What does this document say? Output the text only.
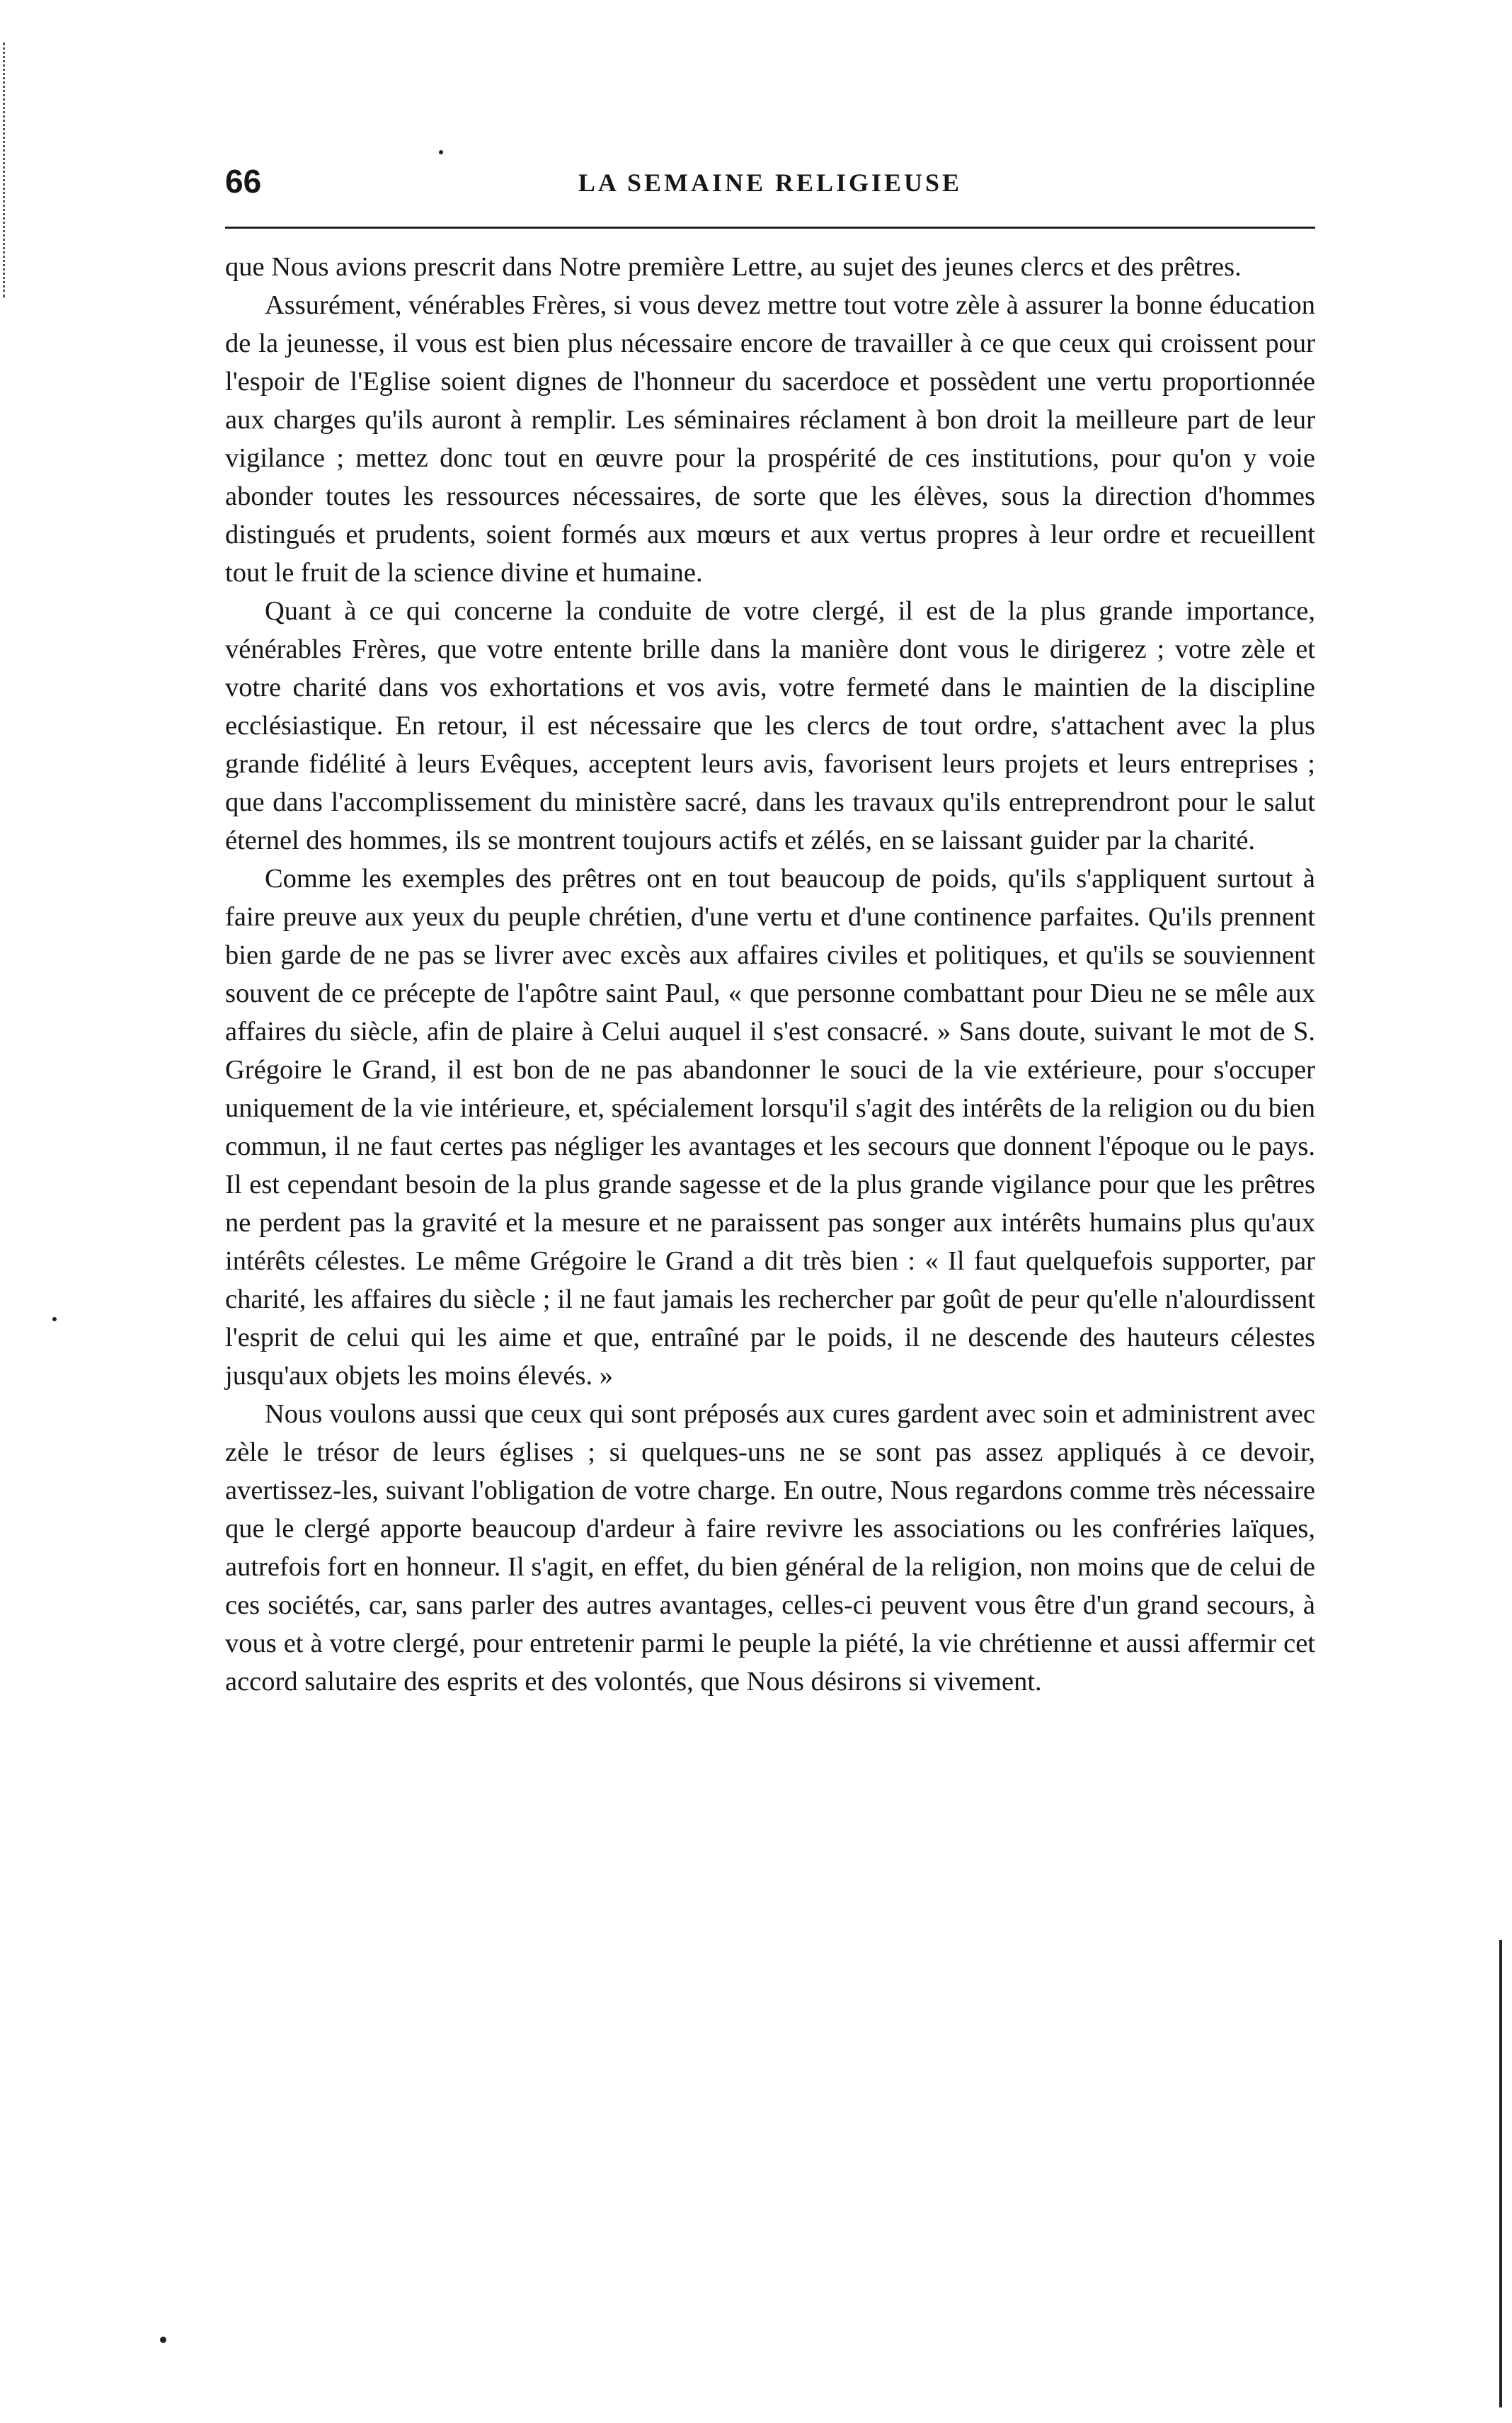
66	LA SEMAINE RELIGIEUSE

que Nous avions prescrit dans Notre première Lettre, au sujet des jeunes clercs et des prêtres.

Assurément, vénérables Frères, si vous devez mettre tout votre zèle à assurer la bonne éducation de la jeunesse, il vous est bien plus nécessaire encore de travailler à ce que ceux qui croissent pour l'espoir de l'Eglise soient dignes de l'honneur du sacerdoce et possèdent une vertu proportionnée aux charges qu'ils auront à remplir. Les séminaires réclament à bon droit la meilleure part de leur vigilance ; mettez donc tout en œuvre pour la prospérité de ces institutions, pour qu'on y voie abonder toutes les ressources nécessaires, de sorte que les élèves, sous la direction d'hommes distingués et prudents, soient formés aux mœurs et aux vertus propres à leur ordre et recueillent tout le fruit de la science divine et humaine.

Quant à ce qui concerne la conduite de votre clergé, il est de la plus grande importance, vénérables Frères, que votre entente brille dans la manière dont vous le dirigerez ; votre zèle et votre charité dans vos exhortations et vos avis, votre fermeté dans le maintien de la discipline ecclésiastique. En retour, il est nécessaire que les clercs de tout ordre, s'attachent avec la plus grande fidélité à leurs Evêques, acceptent leurs avis, favorisent leurs projets et leurs entreprises ; que dans l'accomplissement du ministère sacré, dans les travaux qu'ils entreprendront pour le salut éternel des hommes, ils se montrent toujours actifs et zélés, en se laissant guider par la charité.

Comme les exemples des prêtres ont en tout beaucoup de poids, qu'ils s'appliquent surtout à faire preuve aux yeux du peuple chrétien, d'une vertu et d'une continence parfaites. Qu'ils prennent bien garde de ne pas se livrer avec excès aux affaires civiles et politiques, et qu'ils se souviennent souvent de ce précepte de l'apôtre saint Paul, « que personne combattant pour Dieu ne se mêle aux affaires du siècle, afin de plaire à Celui auquel il s'est consacré. » Sans doute, suivant le mot de S. Grégoire le Grand, il est bon de ne pas abandonner le souci de la vie extérieure, pour s'occuper uniquement de la vie intérieure, et, spécialement lorsqu'il s'agit des intérêts de la religion ou du bien commun, il ne faut certes pas négliger les avantages et les secours que donnent l'époque ou le pays. Il est cependant besoin de la plus grande sagesse et de la plus grande vigilance pour que les prêtres ne perdent pas la gravité et la mesure et ne paraissent pas songer aux intérêts humains plus qu'aux intérêts célestes. Le même Grégoire le Grand a dit très bien : « Il faut quelquefois supporter, par charité, les affaires du siècle ; il ne faut jamais les rechercher par goût de peur qu'elle n'alourdissent l'esprit de celui qui les aime et que, entraîné par le poids, il ne descende des hauteurs célestes jusqu'aux objets les moins élevés. »

Nous voulons aussi que ceux qui sont préposés aux cures gardent avec soin et administrent avec zèle le trésor de leurs églises ; si quelques-uns ne se sont pas assez appliqués à ce devoir, avertissez-les, suivant l'obligation de votre charge. En outre, Nous regardons comme très nécessaire que le clergé apporte beaucoup d'ardeur à faire revivre les associations ou les confréries laïques, autrefois fort en honneur. Il s'agit, en effet, du bien général de la religion, non moins que de celui de ces sociétés, car, sans parler des autres avantages, celles-ci peuvent vous être d'un grand secours, à vous et à votre clergé, pour entretenir parmi le peuple la piété, la vie chrétienne et aussi affermir cet accord salutaire des esprits et des volontés, que Nous désirons si vivement.
